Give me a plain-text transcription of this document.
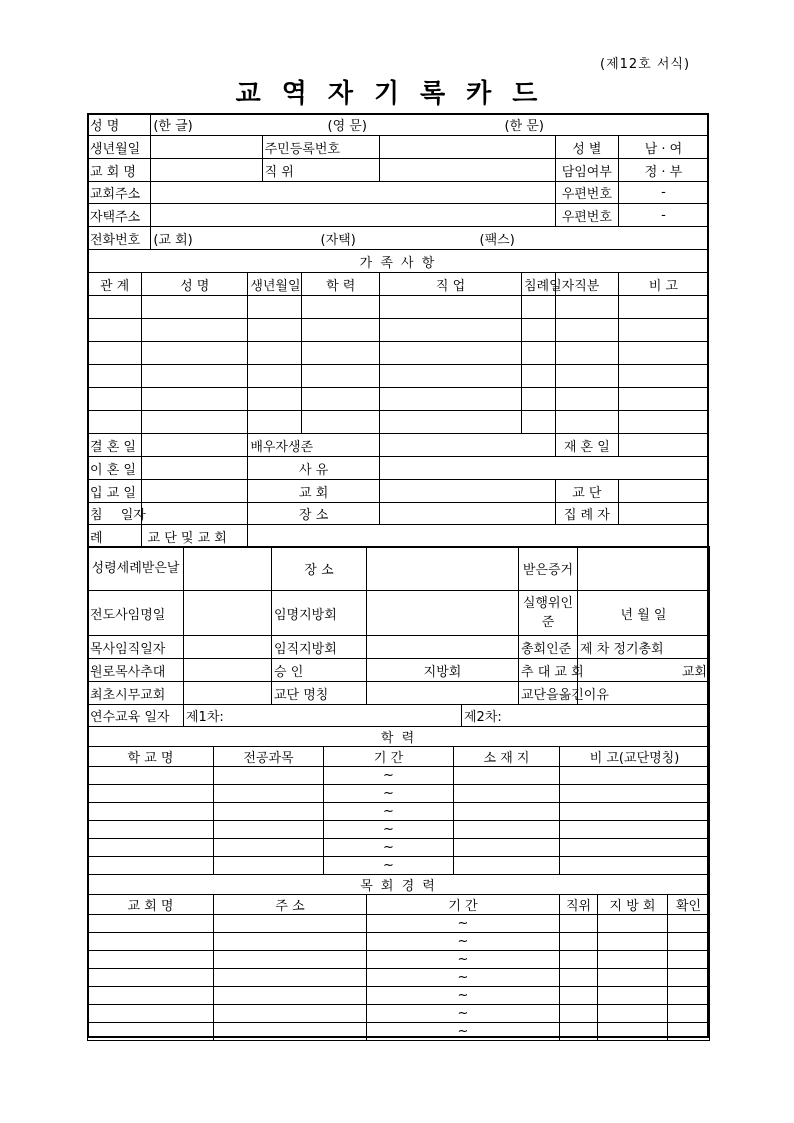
(제12호 서식)
교역자기록카드
성 명		(한 글) (영 문) (한 문)							

생년월일				주민등록번호				성 별	남 · 여
교 회 명				직 위				담임여부	정 · 부
교회주소								우편번호	-
자택주소								우편번호	-
전화번호		(교 회) (자택) (팩스)							

가 족 사 항									
관 계	성 명		생년월일		학 력	직 업	침례일자	직분	비 고

결 혼 일			배우자생존					재 혼 일	
이 혼 일			사 유						
입 교 일			교 회					교 단	
침 일자			장 소					집 례 자	
례 교 단 및 교 회									

성령세례받은날		장 소		받은증거	
전도사임명일		임명지방회		실행위인준	년 월 일
목사임직일자		임직지방회		총회인준	제 차 정기총회
원로목사추대		승 인	지방회	추 대 교 회	교회
최초시무교회		교단 명칭		교단을옮긴이유	
연수교육 일자	제1차:	제2차:
학 력				
학 교 명	전공과목	기 간	소 재 지	비 고(교단명칭)
		~		
		~		
		~		
		~		
		~		
		~		
목 회 경 력					
교 회 명	주 소	기 간	직위	지 방 회	확인
		~			
		~			
		~			
		~			
		~			
		~			
		~			
